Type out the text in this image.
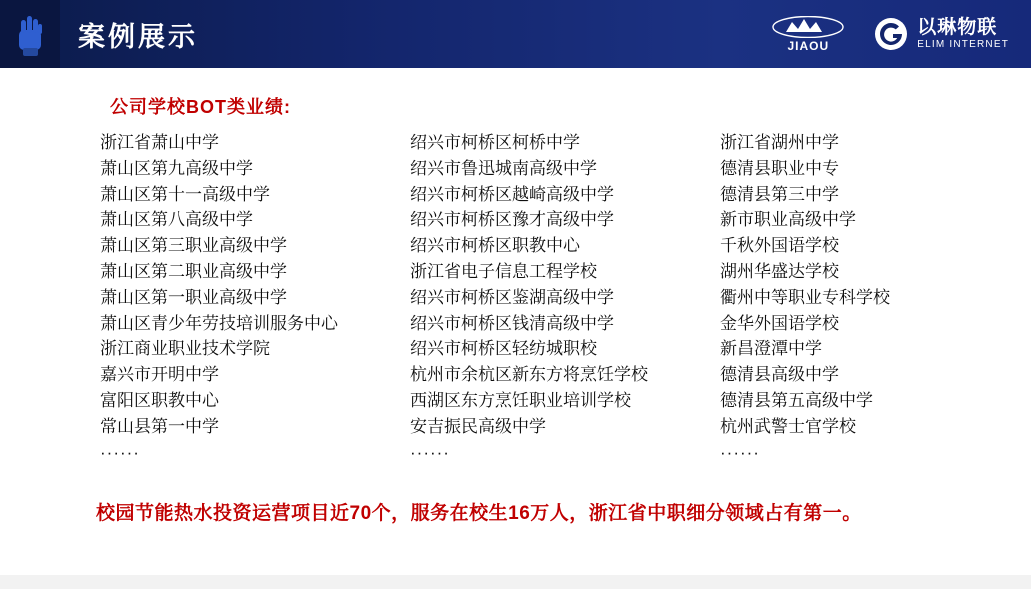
案例展示	JIAOU
以琳物联
ELIM INTERNET
公司学校BOT类业绩:
浙江省萧山中学
萧山区第九高级中学
萧山区第十一高级中学
萧山区第八高级中学
萧山区第三职业高级中学
萧山区第二职业高级中学
萧山区第一职业高级中学
萧山区青少年劳技培训服务中心
浙江商业职业技术学院
嘉兴市开明中学
富阳区职教中心
常山县第一中学
······
绍兴市柯桥区柯桥中学
绍兴市鲁迅城南高级中学
绍兴市柯桥区越崎高级中学
绍兴市柯桥区豫才高级中学
绍兴市柯桥区职教中心
浙江省电子信息工程学校
绍兴市柯桥区鉴湖高级中学
绍兴市柯桥区钱清高级中学
绍兴市柯桥区轻纺城职校
杭州市余杭区新东方将烹饪学校
西湖区东方烹饪职业培训学校
安吉振民高级中学
······
浙江省湖州中学
德清县职业中专
德清县第三中学
新市职业高级中学
千秋外国语学校
湖州华盛达学校
衢州中等职业专科学校
金华外国语学校
新昌澄潭中学
德清县高级中学
德清县第五高级中学
杭州武警士官学校
······
校园节能热水投资运营项目近70个，服务在校生16万人，浙江省中职细分领域占有第一。
